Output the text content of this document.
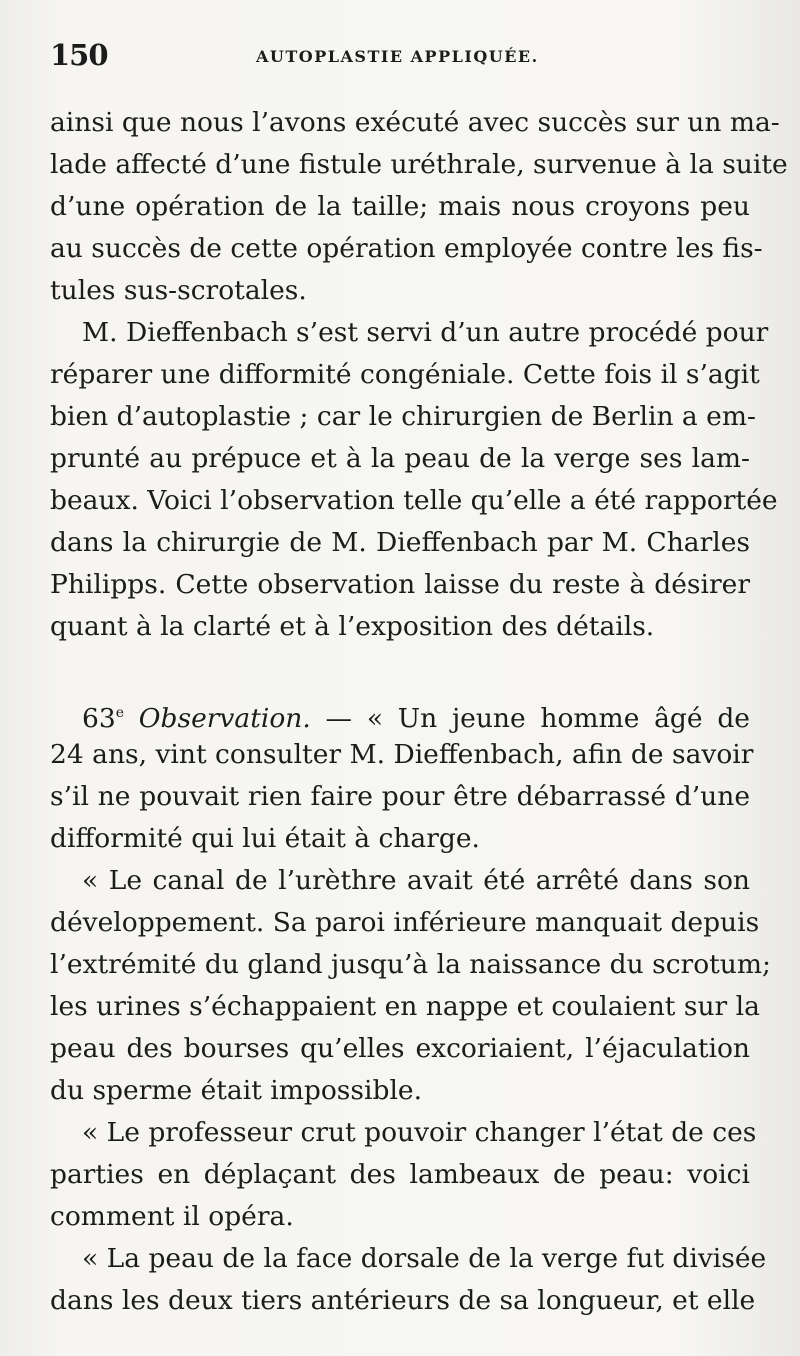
150	AUTOPLASTIE APPLIQUÉE.
ainsi que nous l’avons exécuté avec succès sur un ma-
lade affecté d’une fistule uréthrale, survenue à la suite
d’une opération de la taille; mais nous croyons peu
au succès de cette opération employée contre les fis-
tules sus-scrotales.
M. Dieffenbach s’est servi d’un autre procédé pour
réparer une difformité congéniale. Cette fois il s’agit
bien d’autoplastie ; car le chirurgien de Berlin a em-
prunté au prépuce et à la peau de la verge ses lam-
beaux. Voici l’observation telle qu’elle a été rapportée
dans la chirurgie de M. Dieffenbach par M. Charles
Philipps. Cette observation laisse du reste à désirer
quant à la clarté et à l’exposition des détails.
63e Observation. — « Un jeune homme âgé de
24 ans, vint consulter M. Dieffenbach, afin de savoir
s’il ne pouvait rien faire pour être débarrassé d’une
difformité qui lui était à charge.
« Le canal de l’urèthre avait été arrêté dans son
développement. Sa paroi inférieure manquait depuis
l’extrémité du gland jusqu’à la naissance du scrotum;
les urines s’échappaient en nappe et coulaient sur la
peau des bourses qu’elles excoriaient, l’éjaculation
du sperme était impossible.
« Le professeur crut pouvoir changer l’état de ces
parties en déplaçant des lambeaux de peau: voici
comment il opéra.
« La peau de la face dorsale de la verge fut divisée
dans les deux tiers antérieurs de sa longueur, et elle
